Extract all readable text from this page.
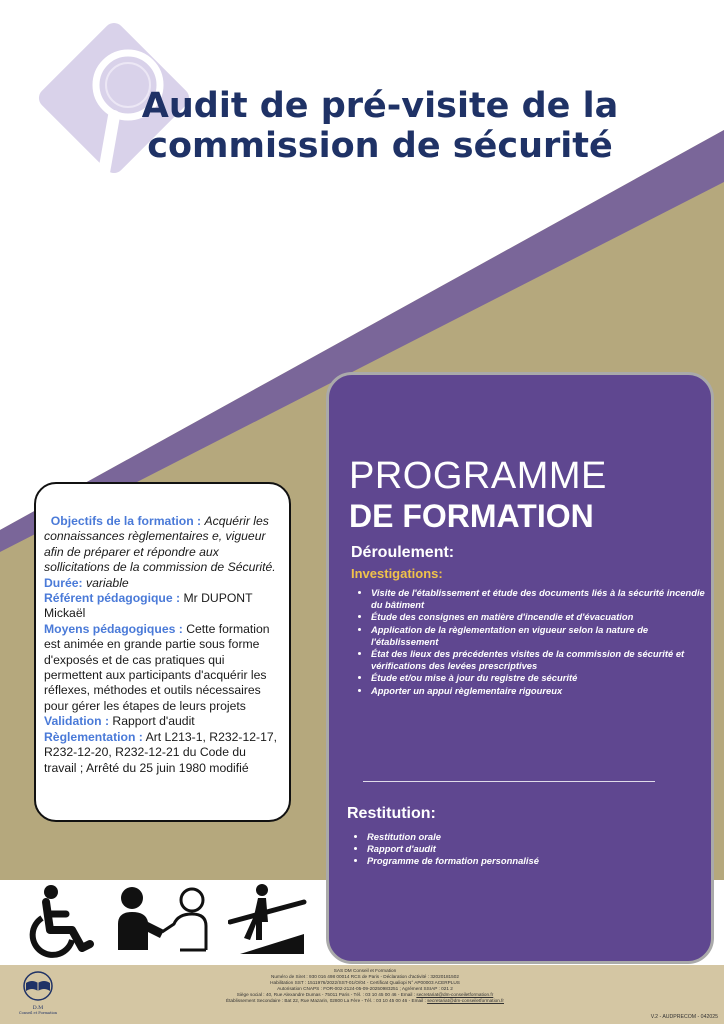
Audit de pré-visite de la
commission de sécurité

Objectifs de la formation : Acquérir les connaissances règlementaires e, vigueur afin de préparer et répondre aux sollicitations de la commission de Sécurité.

Durée: variable

Référent pédagogique : Mr DUPONT Mickaël

Moyens pédagogiques : Cette formation est animée en grande partie sous forme d'exposés et de cas pratiques qui permettent aux participants d'acquérir les réflexes, méthodes et outils nécessaires pour gérer les étapes de leurs projets

Validation : Rapport d'audit

Règlementation : Art L213-1, R232-12-17, R232-12-20, R232-12-21 du Code du travail ; Arrêté du 25 juin 1980 modifié

PROGRAMME
DE FORMATION
Déroulement:
Investigations:
• Visite de l'établissement et étude des documents liés à la sécurité incendie du bâtiment
• Étude des consignes en matière d'incendie et d'évacuation
• Application de la règlementation en vigueur selon la nature de l'établissement
• État des lieux des précédentes visites de la commission de sécurité et vérifications des levées prescriptives
• Étude et/ou mise à jour du registre de sécurité
• Apporter un appui règlementaire rigoureux
Restitution:
• Restitution orale
• Rapport d'audit
• Programme de formation personnalisé
D.M
Conseil et Formation

SAS DM Conseil et Formation

Numéro de Siret : 930 016 498 00014 RCS de Paris - Déclaration d'activité : 32020181502

Habilitation SST : 1511976/2022/SST-01/O/04 - Certificat Qualiopi N° AP00003 ACERPLUS

Autorisation CNAPS : FOR-002-2124-05-09-20250983251 ; Agrément SSIAP : 021 2

Siège social : 40, Rue Alexandre Dumas - 75011 Paris - Tél. : 03 10 45 00 46 - Email : secretariat@dm-conseiletformation.fr

Établissement Secondaire : Bat 22, Rue Mazarin, 02800 La Fère - Tél. : 03 10 45 00 46 - Email : secretariat@dm-conseiletformation.fr

V.2 - AUDPRECOM - 042025
